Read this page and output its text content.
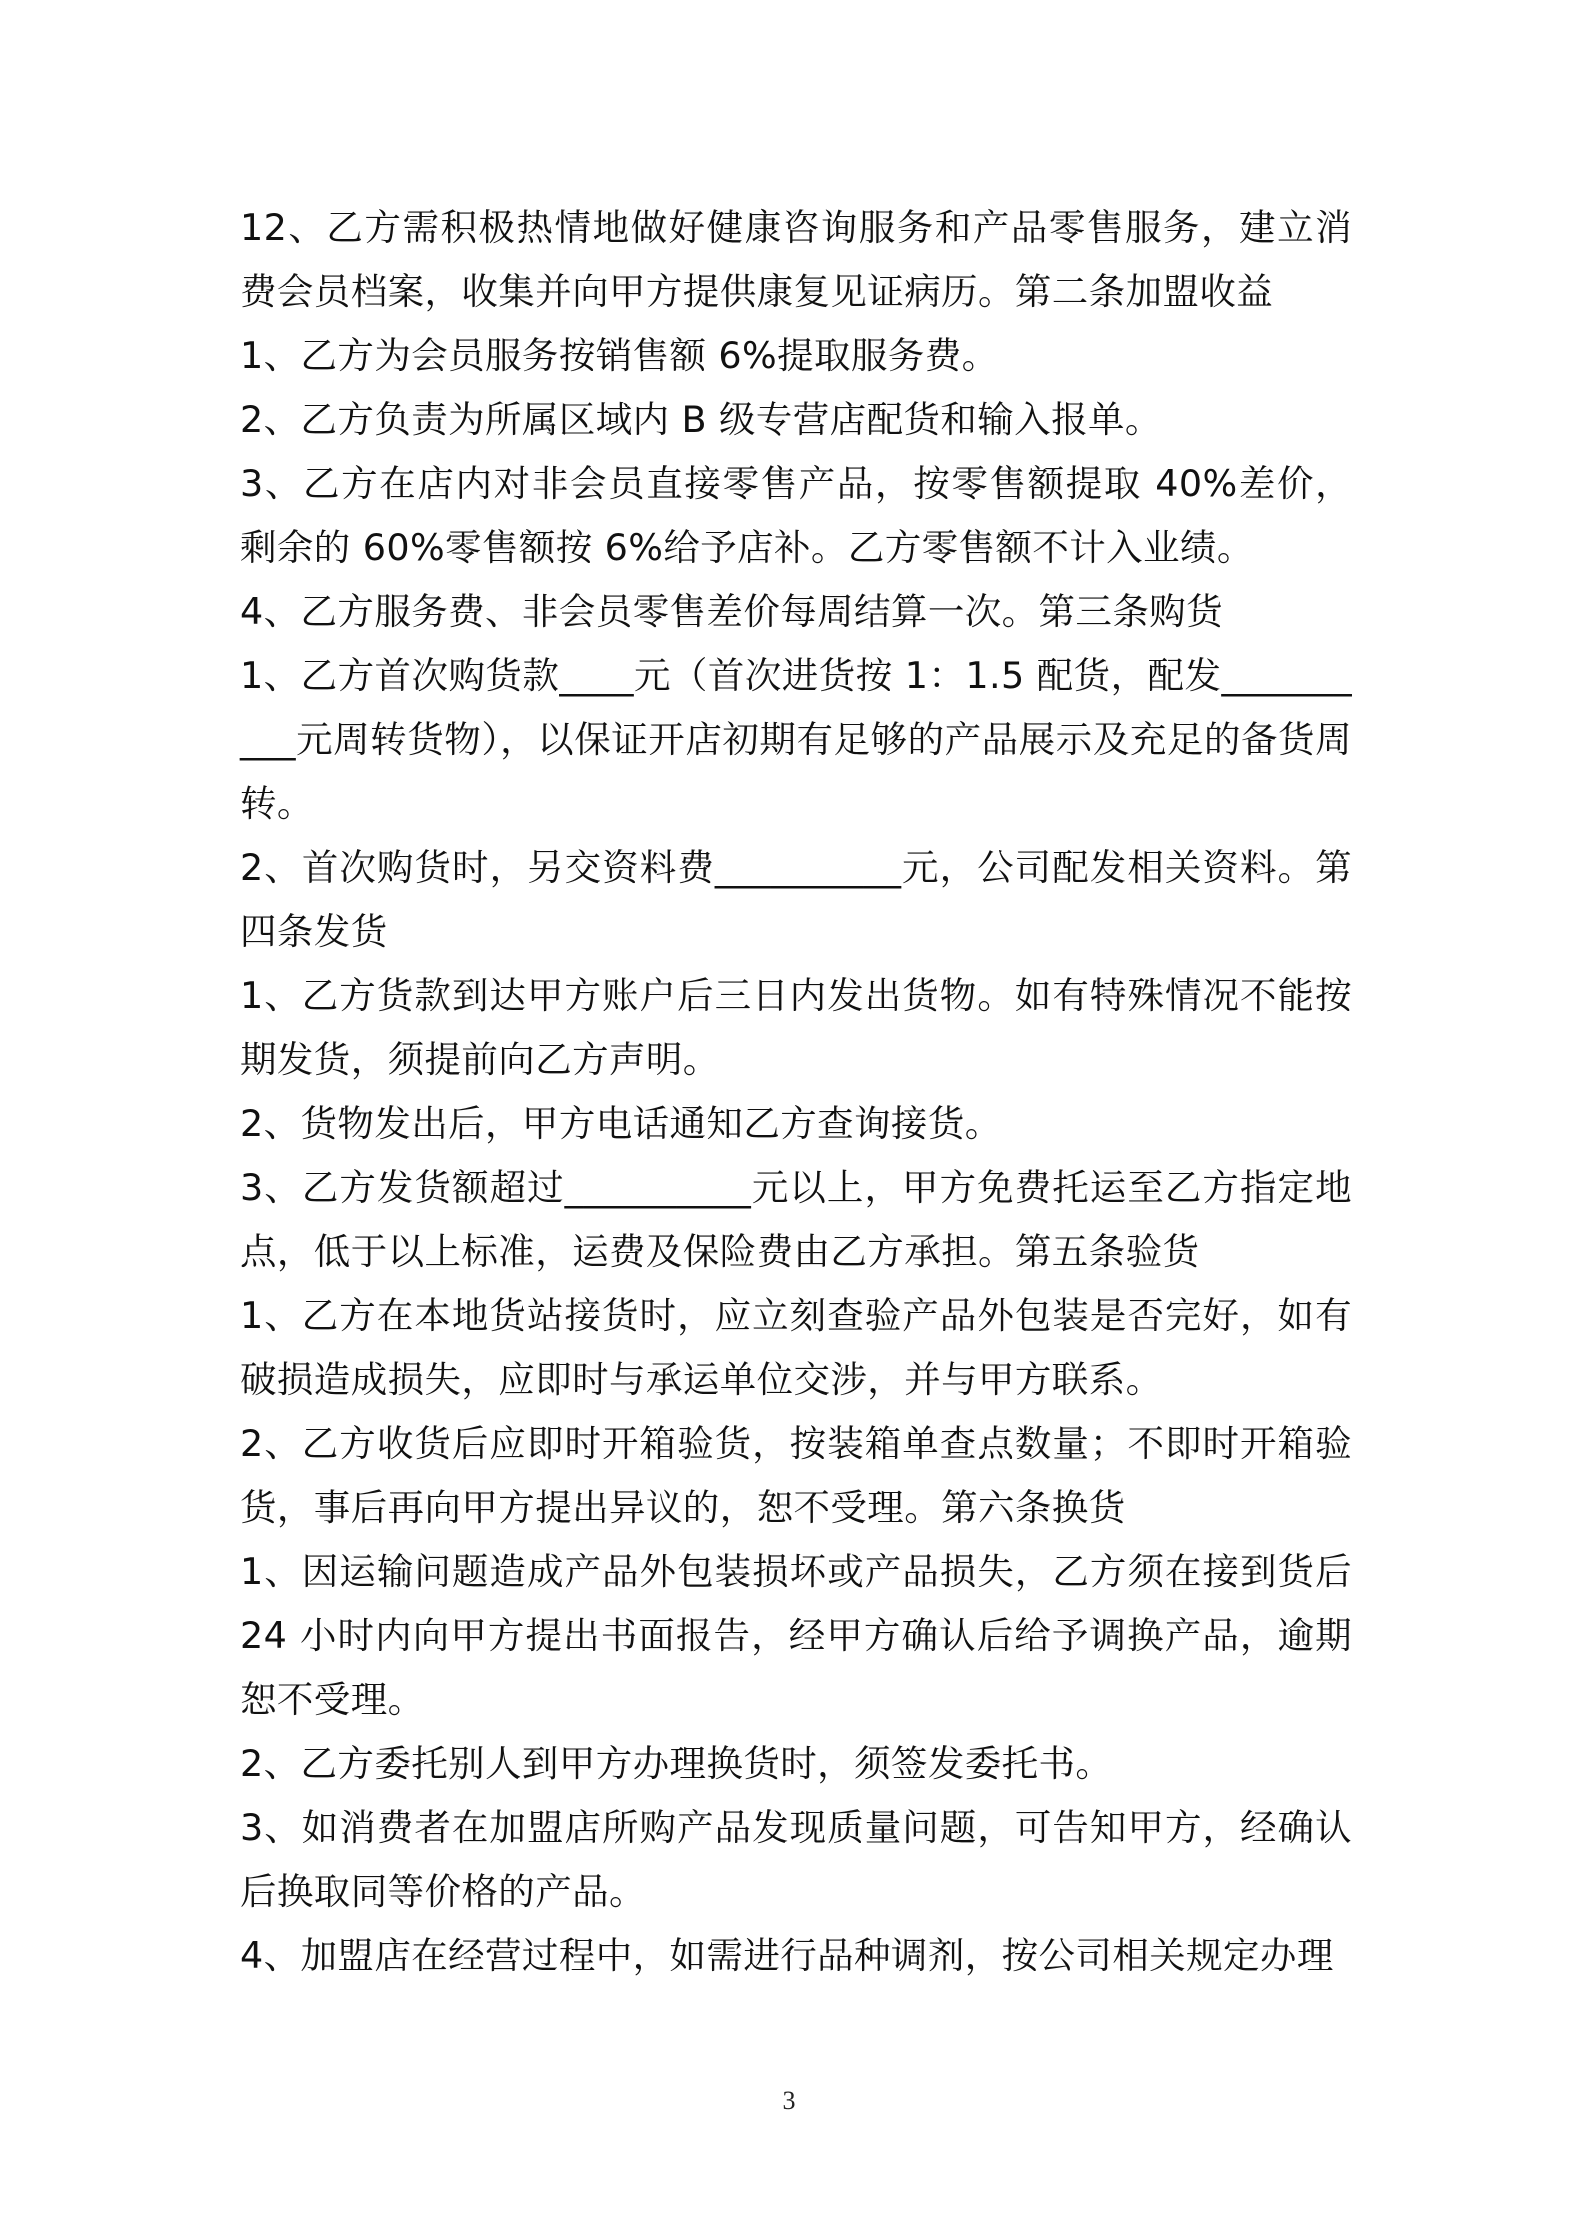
12、乙方需积极热情地做好健康咨询服务和产品零售服务，建立消费会员档案，收集并向甲方提供康复见证病历。第二条加盟收益

1、乙方为会员服务按销售额 6%提取服务费。

2、乙方负责为所属区域内 B 级专营店配货和输入报单。

3、乙方在店内对非会员直接零售产品，按零售额提取 40%差价，剩余的 60%零售额按 6%给予店补。乙方零售额不计入业绩。

4、乙方服务费、非会员零售差价每周结算一次。第三条购货

1、乙方首次购货款____元（首次进货按 1：1.5 配货，配发__________元周转货物），以保证开店初期有足够的产品展示及充足的备货周转。

2、首次购货时，另交资料费__________元，公司配发相关资料。第四条发货

1、乙方货款到达甲方账户后三日内发出货物。如有特殊情况不能按期发货，须提前向乙方声明。

2、货物发出后，甲方电话通知乙方查询接货。

3、乙方发货额超过__________元以上，甲方免费托运至乙方指定地点，低于以上标准，运费及保险费由乙方承担。第五条验货

1、乙方在本地货站接货时，应立刻查验产品外包装是否完好，如有破损造成损失，应即时与承运单位交涉，并与甲方联系。

2、乙方收货后应即时开箱验货，按装箱单查点数量；不即时开箱验货，事后再向甲方提出异议的，恕不受理。第六条换货

1、因运输问题造成产品外包装损坏或产品损失，乙方须在接到货后 24 小时内向甲方提出书面报告，经甲方确认后给予调换产品，逾期恕不受理。

2、乙方委托别人到甲方办理换货时，须签发委托书。

3、如消费者在加盟店所购产品发现质量问题，可告知甲方，经确认后换取同等价格的产品。

4、加盟店在经营过程中，如需进行品种调剂，按公司相关规定办理

3
